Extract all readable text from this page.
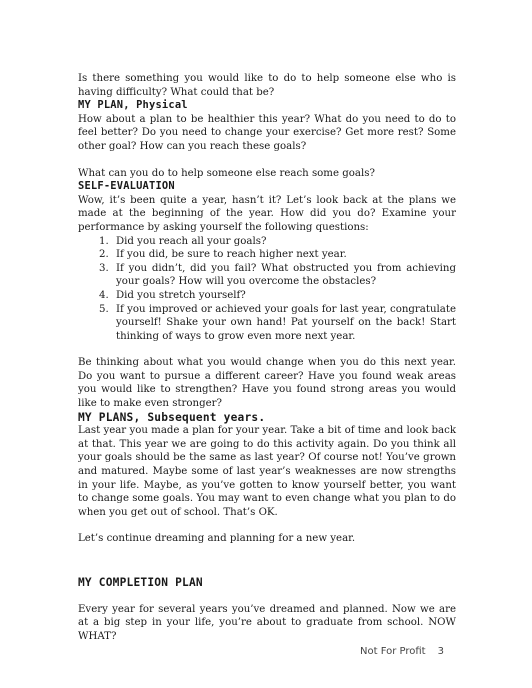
Is there something you would like to do to help someone else who is having difficulty? What could that be?

MY PLAN, Physical

How about a plan to be healthier this year? What do you need to do to feel better? Do you need to change your exercise? Get more rest? Some other goal? How can you reach these goals?

What can you do to help someone else reach some goals?

SELF-EVALUATION

Wow, it’s been quite a year, hasn’t it? Let’s look back at the plans we made at the beginning of the year. How did you do? Examine your performance by asking yourself the following questions:

1. Did you reach all your goals?
2. If you did, be sure to reach higher next year.
3. If you didn’t, did you fail? What obstructed you from achieving your goals? How will you overcome the obstacles?
4. Did you stretch yourself?
5. If you improved or achieved your goals for last year, congratulate yourself! Shake your own hand! Pat yourself on the back! Start thinking of ways to grow even more next year.

Be thinking about what you would change when you do this next year. Do you want to pursue a different career? Have you found weak areas you would like to strengthen? Have you found strong areas you would like to make even stronger?

MY PLANS, Subsequent years.

Last year you made a plan for your year. Take a bit of time and look back at that. This year we are going to do this activity again. Do you think all your goals should be the same as last year? Of course not! You’ve grown and matured. Maybe some of last year’s weaknesses are now strengths in your life. Maybe, as you’ve gotten to know yourself better, you want to change some goals. You may want to even change what you plan to do when you get out of school. That’s OK.

Let’s continue dreaming and planning for a new year.

MY COMPLETION PLAN

Every year for several years you’ve dreamed and planned. Now we are at a big step in your life, you’re about to graduate from school. NOW WHAT?

Not For Profit 3
